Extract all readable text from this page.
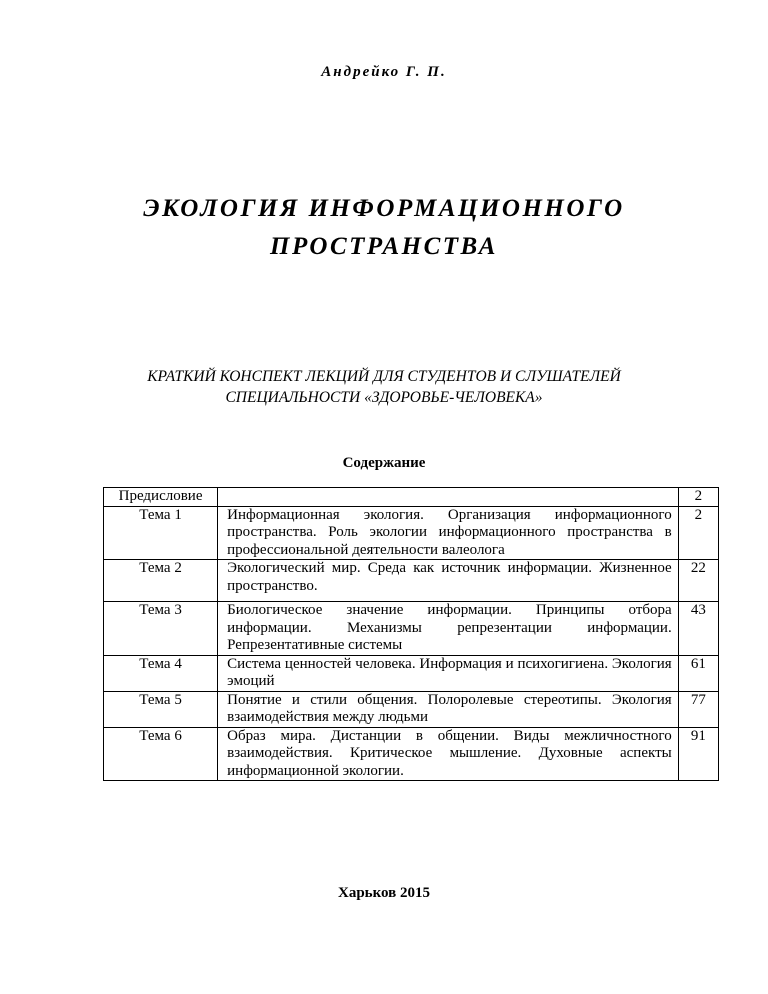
Андрейко Г. П.
ЭКОЛОГИЯ ИНФОРМАЦИОННОГО
ПРОСТРАНСТВА
КРАТКИЙ КОНСПЕКТ ЛЕКЦИЙ ДЛЯ СТУДЕНТОВ И СЛУШАТЕЛЕЙ
СПЕЦИАЛЬНОСТИ «ЗДОРОВЬЕ-ЧЕЛОВЕКА»
Содержание
Предисловие		2
Тема 1	Информационная экология. Организация информационного пространства. Роль экологии информационного пространства в профессиональной деятельности валеолога	2
Тема 2	Экологический мир. Среда как источник информации. Жизненное пространство.	22
Тема 3	Биологическое значение информации. Принципы отбора информации. Механизмы репрезентации информации. Репрезентативные системы	43
Тема 4	Система ценностей человека. Информация и психогигиена. Экология эмоций	61
Тема 5	Понятие и стили общения. Полоролевые стереотипы. Экология взаимодействия между людьми	77
Тема 6	Образ мира. Дистанции в общении. Виды межличностного взаимодействия. Критическое мышление. Духовные аспекты информационной экологии.	91
Харьков 2015
